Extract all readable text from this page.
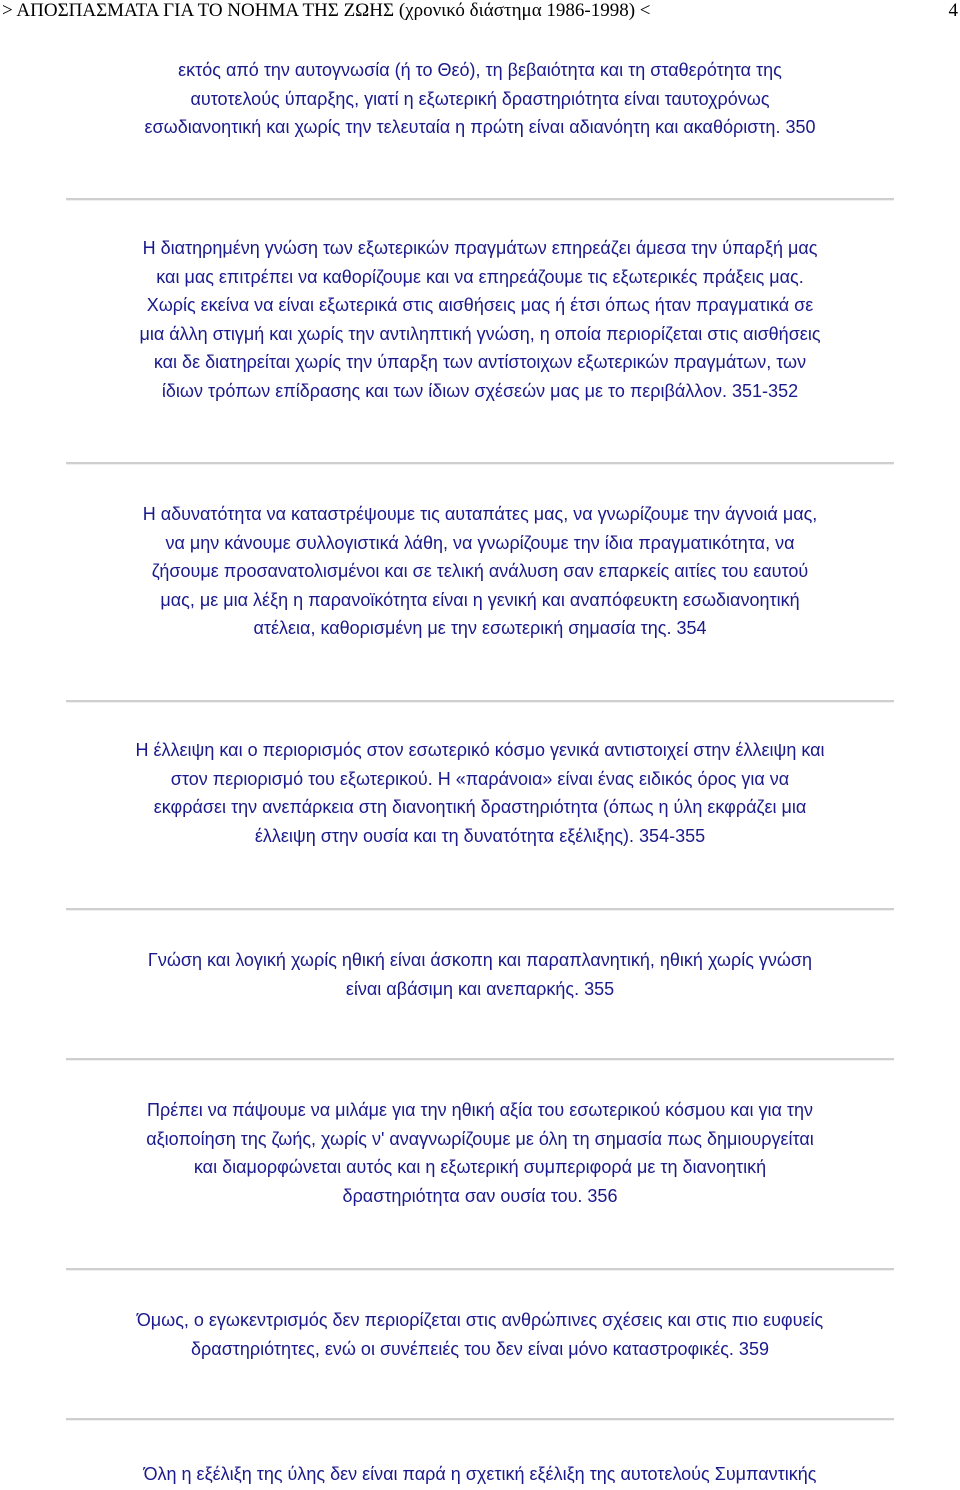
> ΑΠΟΣΠΑΣΜΑΤΑ ΓΙΑ ΤΟ ΝΟΗΜΑ ΤΗΣ ΖΩΗΣ (χρονικό διάστημα 1986-1998) <	4

εκτός από την αυτογνωσία (ή το Θεό), τη βεβαιότητα και τη σταθερότητα της
αυτοτελούς ύπαρξης, γιατί η εξωτερική δραστηριότητα είναι ταυτοχρόνως
εσωδιανοητική και χωρίς την τελευταία η πρώτη είναι αδιανόητη και ακαθόριστη. 350

Η διατηρημένη γνώση των εξωτερικών πραγμάτων επηρεάζει άμεσα την ύπαρξή μας
και μας επιτρέπει να καθορίζουμε και να επηρεάζουμε τις εξωτερικές πράξεις μας.
Χωρίς εκείνα να είναι εξωτερικά στις αισθήσεις μας ή έτσι όπως ήταν πραγματικά σε
μια άλλη στιγμή και χωρίς την αντιληπτική γνώση, η οποία περιορίζεται στις αισθήσεις
και δε διατηρείται χωρίς την ύπαρξη των αντίστοιχων εξωτερικών πραγμάτων, των
ίδιων τρόπων επίδρασης και των ίδιων σχέσεών μας με το περιβάλλον. 351-352

Η αδυνατότητα να καταστρέψουμε τις αυταπάτες μας, να γνωρίζουμε την άγνοιά μας,
να μην κάνουμε συλλογιστικά λάθη, να γνωρίζουμε την ίδια πραγματικότητα, να
ζήσουμε προσανατολισμένοι και σε τελική ανάλυση σαν επαρκείς αιτίες του εαυτού
μας, με μια λέξη η παρανοϊκότητα είναι η γενική και αναπόφευκτη εσωδιανοητική
ατέλεια, καθορισμένη με την εσωτερική σημασία της. 354

Η έλλειψη και ο περιορισμός στον εσωτερικό κόσμο γενικά αντιστοιχεί στην έλλειψη και
στον περιορισμό του εξωτερικού. Η «παράνοια» είναι ένας ειδικός όρος για να
εκφράσει την ανεπάρκεια στη διανοητική δραστηριότητα (όπως η ύλη εκφράζει μια
έλλειψη στην ουσία και τη δυνατότητα εξέλιξης). 354-355

Γνώση και λογική χωρίς ηθική είναι άσκοπη και παραπλανητική, ηθική χωρίς γνώση
είναι αβάσιμη και ανεπαρκής. 355

Πρέπει να πάψουμε να μιλάμε για την ηθική αξία του εσωτερικού κόσμου και για την
αξιοποίηση της ζωής, χωρίς ν' αναγνωρίζουμε με όλη τη σημασία πως δημιουργείται
και διαμορφώνεται αυτός και η εξωτερική συμπεριφορά με τη διανοητική
δραστηριότητα σαν ουσία του. 356

Όμως, ο εγωκεντρισμός δεν περιορίζεται στις ανθρώπινες σχέσεις και στις πιο ευφυείς
δραστηριότητες, ενώ οι συνέπειές του δεν είναι μόνο καταστροφικές. 359

Όλη η εξέλιξη της ύλης δεν είναι παρά η σχετική εξέλιξη της αυτοτελούς Συμπαντικής
